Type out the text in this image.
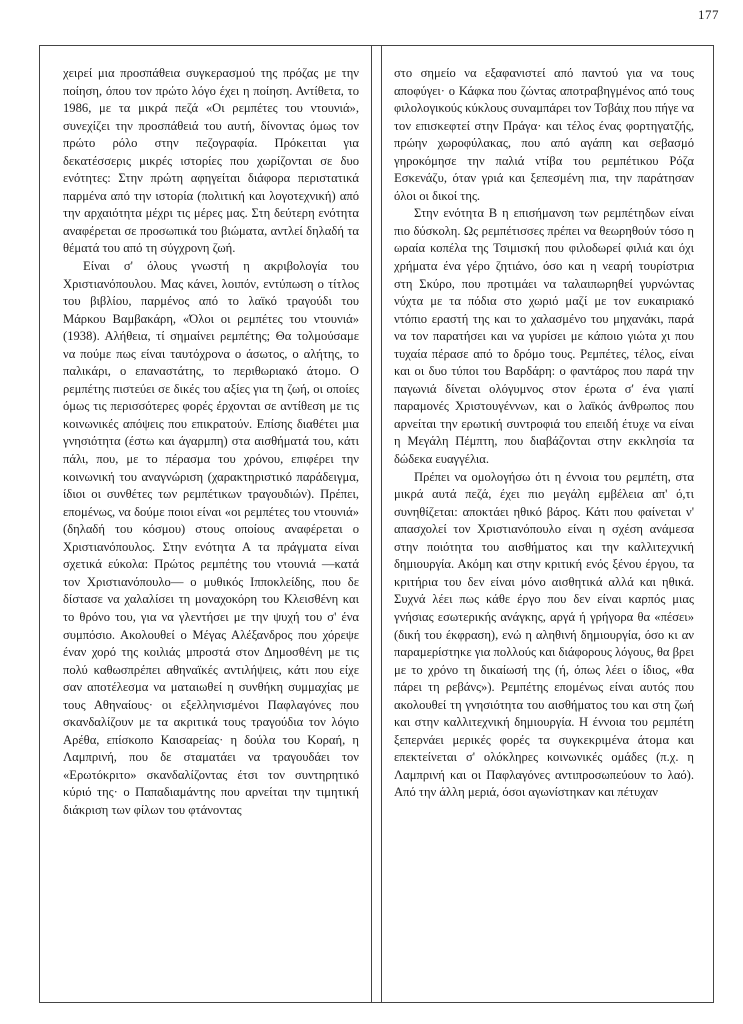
177

χειρεί μια προσπάθεια συγκερασμού της πρόζας με την ποίηση, όπου τον πρώτο λόγο έχει η ποίηση. Αντίθετα, το 1986, με τα μικρά πεζά «Οι ρεμπέτες του ντουνιά», συνεχίζει την προσπάθειά του αυτή, δίνοντας όμως τον πρώτο ρόλο στην πεζογραφία. Πρόκειται για δεκατέσσερις μικρές ιστορίες που χωρίζονται σε δυο ενότητες: Στην πρώτη αφηγείται διάφορα περιστατικά παρμένα από την ιστορία (πολιτική και λογοτεχνική) από την αρχαιότητα μέχρι τις μέρες μας. Στη δεύτερη ενότητα αναφέρεται σε προσωπικά του βιώματα, αντλεί δηλαδή τα θέματά του από τη σύγχρονη ζωή.

Είναι σ' όλους γνωστή η ακριβολογία του Χριστιανόπουλου. Μας κάνει, λοιπόν, εντύπωση ο τίτλος του βιβλίου, παρμένος από το λαϊκό τραγούδι του Μάρκου Βαμβακάρη, «Όλοι οι ρεμπέτες του ντουνιά» (1938). Αλήθεια, τί σημαίνει ρεμπέτης; Θα τολμούσαμε να πούμε πως είναι ταυτόχρονα ο άσωτος, ο αλήτης, το παλικάρι, ο επαναστάτης, το περιθωριακό άτομο. Ο ρεμπέτης πιστεύει σε δικές του αξίες για τη ζωή, οι οποίες όμως τις περισσότερες φορές έρχονται σε αντίθεση με τις κοινωνικές απόψεις που επικρατούν. Επίσης διαθέτει μια γνησιότητα (έστω και άγαρμπη) στα αισθήματά του, κάτι πάλι, που, με το πέρασμα του χρόνου, επιφέρει την κοινωνική του αναγνώριση (χαρακτηριστικό παράδειγμα, ίδιοι οι συνθέτες των ρεμπέτικων τραγουδιών). Πρέπει, επομένως, να δούμε ποιοι είναι «οι ρεμπέτες του ντουνιά» (δηλαδή του κόσμου) στους οποίους αναφέρεται ο Χριστιανόπουλος. Στην ενότητα Α τα πράγματα είναι σχετικά εύκολα: Πρώτος ρεμπέτης του ντουνιά —κατά τον Χριστιανόπουλο— ο μυθικός Ιπποκλείδης, που δε δίστασε να χαλαλίσει τη μοναχοκόρη του Κλεισθένη και το θρόνο του, για να γλεντήσει με την ψυχή του σ' ένα συμπόσιο. Ακολουθεί ο Μέγας Αλέξανδρος που χόρεψε έναν χορό της κοιλιάς μπροστά στον Δημοσθένη με τις πολύ καθωσπρέπει αθηναϊκές αντιλήψεις, κάτι που είχε σαν αποτέλεσμα να ματαιωθεί η συνθήκη συμμαχίας με τους Αθηναίους· οι εξελληνισμένοι Παφλαγόνες που σκανδαλίζουν με τα ακριτικά τους τραγούδια τον λόγιο Αρέθα, επίσκοπο Καισαρείας· η δούλα του Κοραή, η Λαμπρινή, που δε σταματάει να τραγουδάει τον «Ερωτόκριτο» σκανδαλίζοντας έτσι τον συντηρητικό κύριό της· ο Παπαδιαμάντης που αρνείται την τιμητική διάκριση των φίλων του φτάνοντας

στο σημείο να εξαφανιστεί από παντού για να τους αποφύγει· ο Κάφκα που ζώντας αποτραβηγμένος από τους φιλολογικούς κύκλους συναμπάρει τον Τσβάιχ που πήγε να τον επισκεφτεί στην Πράγα· και τέλος ένας φορτηγατζής, πρώην χωροφύλακας, που από αγάπη και σεβασμό γηροκόμησε την παλιά ντίβα του ρεμπέτικου Ρόζα Εσκενάζυ, όταν γριά και ξεπεσμένη πια, την παράτησαν όλοι οι δικοί της.

Στην ενότητα Β η επισήμανση των ρεμπέτηδων είναι πιο δύσκολη. Ως ρεμπέτισσες πρέπει να θεωρηθούν τόσο η ωραία κοπέλα της Τσιμισκή που φιλοδωρεί φιλιά και όχι χρήματα ένα γέρο ζητιάνο, όσο και η νεαρή τουρίστρια στη Σκύρο, που προτιμάει να ταλαιπωρηθεί γυρνώντας νύχτα με τα πόδια στο χωριό μαζί με τον ευκαιριακό ντόπιο εραστή της και το χαλασμένο του μηχανάκι, παρά να τον παρατήσει και να γυρίσει με κάποιο γιώτα χι που τυχαία πέρασε από το δρόμο τους. Ρεμπέτες, τέλος, είναι και οι δυο τύποι του Βαρδάρη: ο φαντάρος που παρά την παγωνιά δίνεται ολόγυμνος στον έρωτα σ' ένα γιαπί παραμονές Χριστουγέννων, και ο λαϊκός άνθρωπος που αρνείται την ερωτική συντροφιά του επειδή έτυχε να είναι η Μεγάλη Πέμπτη, που διαβάζονται στην εκκλησία τα δώδεκα ευαγγέλια.

Πρέπει να ομολογήσω ότι η έννοια του ρεμπέτη, στα μικρά αυτά πεζά, έχει πιο μεγάλη εμβέλεια απ' ό,τι συνηθίζεται: αποκτάει ηθικό βάρος. Κάτι που φαίνεται ν' απασχολεί τον Χριστιανόπουλο είναι η σχέση ανάμεσα στην ποιότητα του αισθήματος και την καλλιτεχνική δημιουργία. Ακόμη και στην κριτική ενός ξένου έργου, τα κριτήρια του δεν είναι μόνο αισθητικά αλλά και ηθικά. Συχνά λέει πως κάθε έργο που δεν είναι καρπός μιας γνήσιας εσωτερικής ανάγκης, αργά ή γρήγορα θα «πέσει» (δική του έκφραση), ενώ η αληθινή δημιουργία, όσο κι αν παραμερίστηκε για πολλούς και διάφορους λόγους, θα βρει με το χρόνο τη δικαίωσή της (ή, όπως λέει ο ίδιος, «θα πάρει τη ρεβάνς»). Ρεμπέτης επομένως είναι αυτός που ακολουθεί τη γνησιότητα του αισθήματος του και στη ζωή και στην καλλιτεχνική δημιουργία. Η έννοια του ρεμπέτη ξεπερνάει μερικές φορές τα συγκεκριμένα άτομα και επεκτείνεται σ' ολόκληρες κοινωνικές ομάδες (π.χ. η Λαμπρινή και οι Παφλαγόνες αντιπροσωπεύουν το λαό). Από την άλλη μεριά, όσοι αγωνίστηκαν και πέτυχαν
